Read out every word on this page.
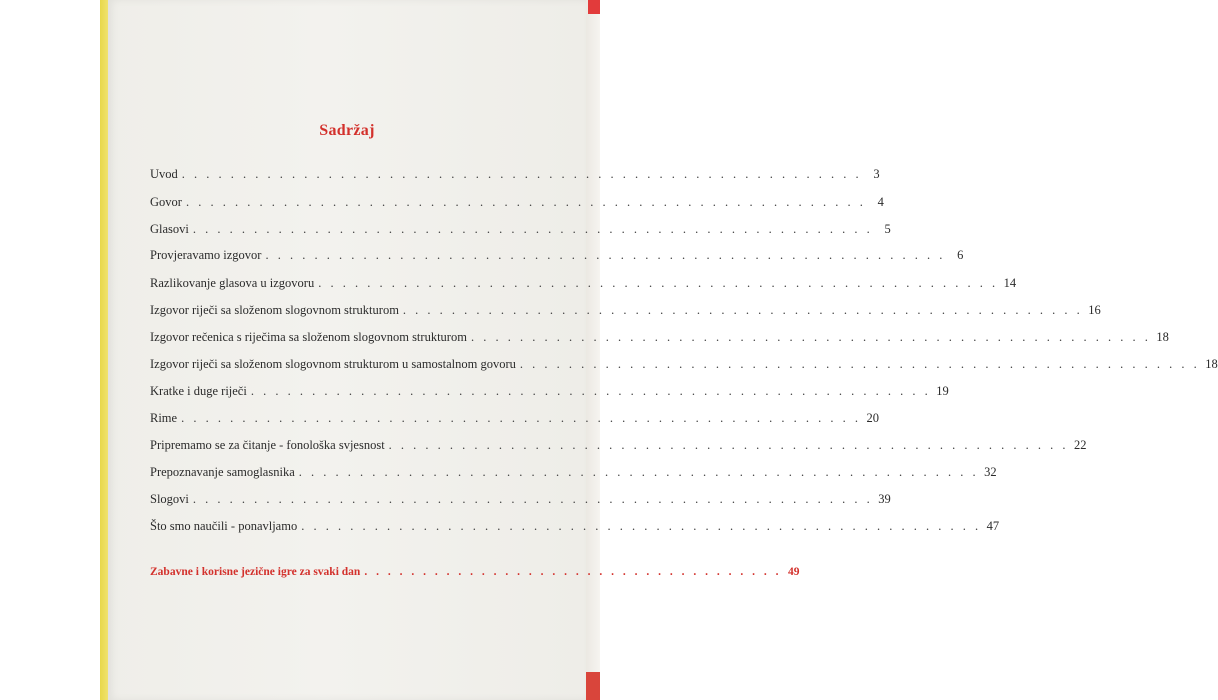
Sadržaj
Uvod . . . . . . . . . . . . . . . . . . . . . . . . . . . . . . . . . . . . . . . . . . . . . . . . . . . . . . . . 3
Govor . . . . . . . . . . . . . . . . . . . . . . . . . . . . . . . . . . . . . . . . . . . . . . . . . . . . . . . . 4
Glasovi . . . . . . . . . . . . . . . . . . . . . . . . . . . . . . . . . . . . . . . . . . . . . . . . . . . . . . . . 5
Provjeravamo izgovor . . . . . . . . . . . . . . . . . . . . . . . . . . . . . . . . . . . . . . . . . . . . . . . . . . . . . . . . 6
Razlikovanje glasova u izgovoru . . . . . . . . . . . . . . . . . . . . . . . . . . . . . . . . . . . . . . . . . . . . . . . . . . . . . . . . 14
Izgovor riječi sa složenom slogovnom strukturom . . . . . . . . . . . . . . . . . . . . . . . . . . . . . . . . . . . . . . . . . . . . . . . . . . . . . . . . 16
Izgovor rečenica s riječima sa složenom slogovnom strukturom . . . . . . . . . . . . . . . . . . . . . . . . . . . . . . . . . . . . . . . . . . . . . . . . . . . . . . . . 18
Izgovor riječi sa složenom slogovnom strukturom u samostalnom govoru . . . . . . . . . . . . . . . . . . . . . . . . . . . . . . . . . . . . . . . . . . . . . . . . . . . . . . . . 18
Kratke i duge riječi . . . . . . . . . . . . . . . . . . . . . . . . . . . . . . . . . . . . . . . . . . . . . . . . . . . . . . . . 19
Rime . . . . . . . . . . . . . . . . . . . . . . . . . . . . . . . . . . . . . . . . . . . . . . . . . . . . . . . . 20
Pripremamo se za čitanje - fonološka svjesnost . . . . . . . . . . . . . . . . . . . . . . . . . . . . . . . . . . . . . . . . . . . . . . . . . . . . . . . . 22
Prepoznavanje samoglasnika . . . . . . . . . . . . . . . . . . . . . . . . . . . . . . . . . . . . . . . . . . . . . . . . . . . . . . . . 32
Slogovi . . . . . . . . . . . . . . . . . . . . . . . . . . . . . . . . . . . . . . . . . . . . . . . . . . . . . . . . 39
Što smo naučili - ponavljamo . . . . . . . . . . . . . . . . . . . . . . . . . . . . . . . . . . . . . . . . . . . . . . . . . . . . . . . . 47
Zabavne i korisne jezične igre za svaki dan . . . . . . . . . . . . . . . . . . . . . . . . . . . . . . . . . . . . 49
